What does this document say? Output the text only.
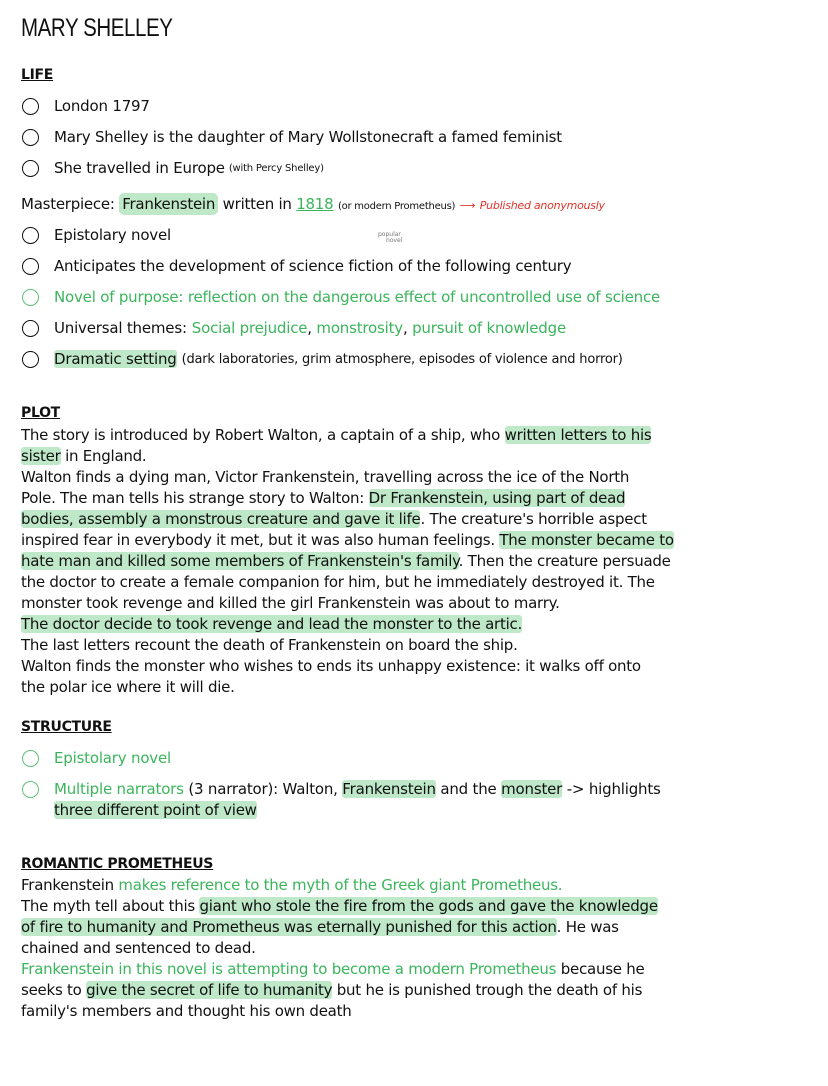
MARY SHELLEY
LIFE
London 1797
Mary Shelley is the daughter of Mary Wollstonecraft a famed feminist
She travelled in Europe (with Percy Shelley)
Masterpiece: Frankenstein written in 1818 (or modern Prometheus) ⟶ Published anonymously
popular
novel
Epistolary novel
Anticipates the development of science fiction of the following century
Novel of purpose: reflection on the dangerous effect of uncontrolled use of science
Universal themes: Social prejudice , monstrosity , pursuit of knowledge
Dramatic setting (dark laboratories, grim atmosphere, episodes of violence and horror)
PLOT
The story is introduced by Robert Walton, a captain of a ship, who written letters to his
sister in England.
Walton finds a dying man, Victor Frankenstein, travelling across the ice of the North
Pole. The man tells his strange story to Walton: Dr Frankenstein, using part of dead
bodies, assembly a monstrous creature and gave it life. The creature's horrible aspect
inspired fear in everybody it met, but it was also human feelings. The monster became to
hate man and killed some members of Frankenstein's family. Then the creature persuade
the doctor to create a female companion for him, but he immediately destroyed it. The
monster took revenge and killed the girl Frankenstein was about to marry.
The doctor decide to took revenge and lead the monster to the artic.
The last letters recount the death of Frankenstein on board the ship.
Walton finds the monster who wishes to ends its unhappy existence: it walks off onto
the polar ice where it will die.
STRUCTURE
Epistolary novel
Multiple narrators (3 narrator): Walton, Frankenstein and the monster -> highlights
three different point of view
ROMANTIC PROMETHEUS
Frankenstein makes reference to the myth of the Greek giant Prometheus.
The myth tell about this giant who stole the fire from the gods and gave the knowledge
of fire to humanity and Prometheus was eternally punished for this action. He was
chained and sentenced to dead.
Frankenstein in this novel is attempting to become a modern Prometheus because he
seeks to give the secret of life to humanity but he is punished trough the death of his
family's members and thought his own death
